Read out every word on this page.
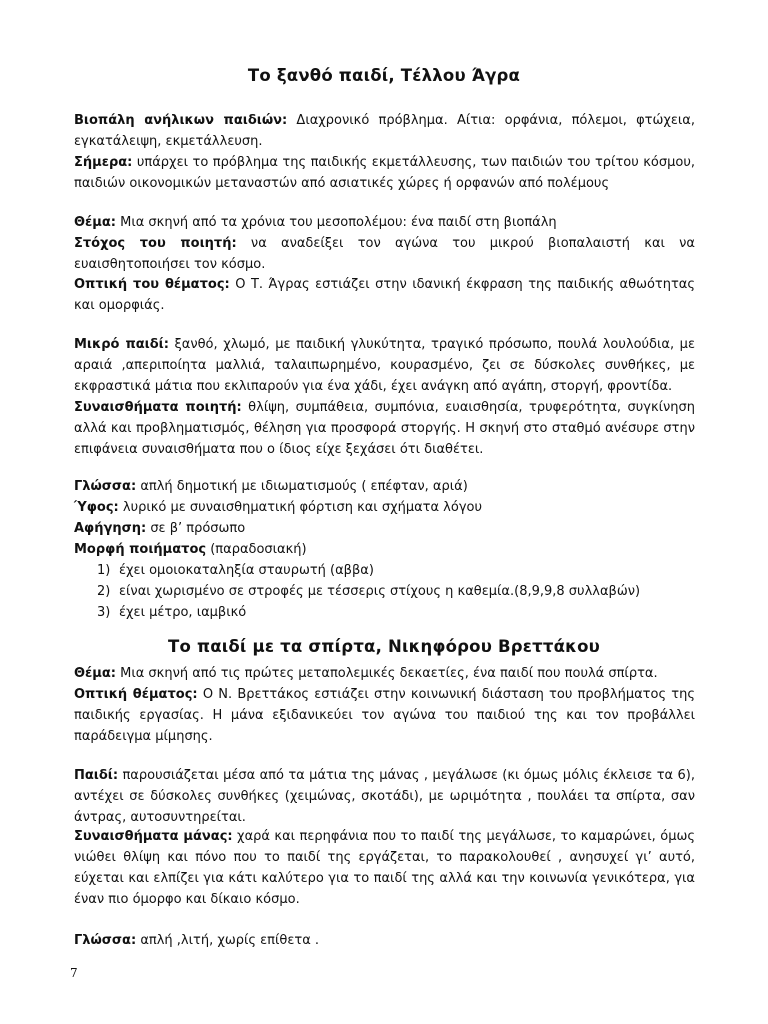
Το ξανθό παιδί, Τέλλου Άγρα
Βιοπάλη ανήλικων παιδιών: Διαχρονικό πρόβλημα. Αίτια: ορφάνια, πόλεμοι, φτώχεια, εγκατάλειψη, εκμετάλλευση.
Σήμερα: υπάρχει το πρόβλημα της παιδικής εκμετάλλευσης, των παιδιών του τρίτου κόσμου, παιδιών οικονομικών μεταναστών από ασιατικές χώρες ή ορφανών από πολέμους
Θέμα: Μια σκηνή από τα χρόνια του μεσοπολέμου: ένα παιδί στη βιοπάλη
Στόχος του ποιητή: να αναδείξει τον αγώνα του μικρού βιοπαλαιστή και να ευαισθητοποιήσει τον κόσμο.
Οπτική του θέματος: Ο Τ. Άγρας εστιάζει στην ιδανική έκφραση της παιδικής αθωότητας και ομορφιάς.
Μικρό παιδί: ξανθό, χλωμό, με παιδική γλυκύτητα, τραγικό πρόσωπο, πουλά λουλούδια, με αραιά ,απεριποίητα μαλλιά, ταλαιπωρημένο, κουρασμένο, ζει σε δύσκολες συνθήκες, με εκφραστικά μάτια που εκλιπαρούν για ένα χάδι, έχει ανάγκη από αγάπη, στοργή, φροντίδα.
Συναισθήματα ποιητή: θλίψη, συμπάθεια, συμπόνια, ευαισθησία, τρυφερότητα, συγκίνηση αλλά και προβληματισμός, θέληση για προσφορά στοργής. Η σκηνή στο σταθμό ανέσυρε στην επιφάνεια συναισθήματα που ο ίδιος είχε ξεχάσει ότι διαθέτει.
Γλώσσα: απλή δημοτική με ιδιωματισμούς ( επέφταν, αριά)
Ύφος: λυρικό με συναισθηματική φόρτιση και σχήματα λόγου
Αφήγηση: σε β’ πρόσωπο
Μορφή ποιήματος (παραδοσιακή)
1) έχει ομοιοκαταληξία σταυρωτή (αββα)
2) είναι χωρισμένο σε στροφές με τέσσερις στίχους η καθεμία.(8,9,9,8 συλλαβών)
3) έχει μέτρο, ιαμβικό
Το παιδί με τα σπίρτα, Νικηφόρου Βρεττάκου
Θέμα: Μια σκηνή από τις πρώτες μεταπολεμικές δεκαετίες, ένα παιδί που πουλά σπίρτα.
Οπτική θέματος: Ο Ν. Βρεττάκος εστιάζει στην κοινωνική διάσταση του προβλήματος της παιδικής εργασίας. Η μάνα εξιδανικεύει τον αγώνα του παιδιού της και τον προβάλλει παράδειγμα μίμησης.
Παιδί: παρουσιάζεται μέσα από τα μάτια της μάνας , μεγάλωσε (κι όμως μόλις έκλεισε τα 6), αντέχει σε δύσκολες συνθήκες (χειμώνας, σκοτάδι), με ωριμότητα , πουλάει τα σπίρτα, σαν άντρας, αυτοσυντηρείται.
Συναισθήματα μάνας: χαρά και περηφάνια που το παιδί της μεγάλωσε, το καμαρώνει, όμως νιώθει θλίψη και πόνο που το παιδί της εργάζεται, το παρακολουθεί , ανησυχεί γι’ αυτό, εύχεται και ελπίζει για κάτι καλύτερο για το παιδί της αλλά και την κοινωνία γενικότερα, για έναν πιο όμορφο και δίκαιο κόσμο.
Γλώσσα: απλή ,λιτή, χωρίς επίθετα .
7
